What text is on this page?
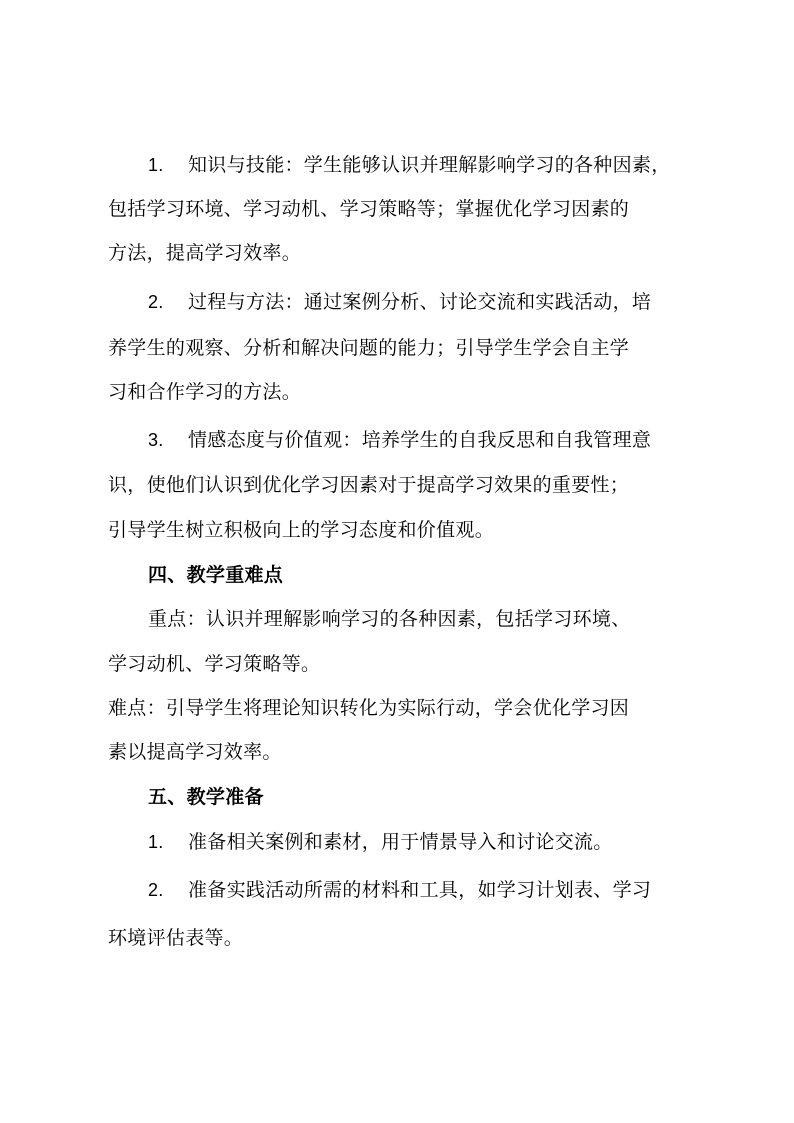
1. 知识与技能：学生能够认识并理解影响学习的各种因素，
包括学习环境、学习动机、学习策略等；掌握优化学习因素的
方法，提高学习效率。
2. 过程与方法：通过案例分析、讨论交流和实践活动，培
养学生的观察、分析和解决问题的能力；引导学生学会自主学
习和合作学习的方法。
3. 情感态度与价值观：培养学生的自我反思和自我管理意
识，使他们认识到优化学习因素对于提高学习效果的重要性；
引导学生树立积极向上的学习态度和价值观。
四、教学重难点
重点：认识并理解影响学习的各种因素，包括学习环境、
学习动机、学习策略等。
难点：引导学生将理论知识转化为实际行动，学会优化学习因
素以提高学习效率。
五、教学准备
1. 准备相关案例和素材，用于情景导入和讨论交流。
2. 准备实践活动所需的材料和工具，如学习计划表、学习
环境评估表等。
